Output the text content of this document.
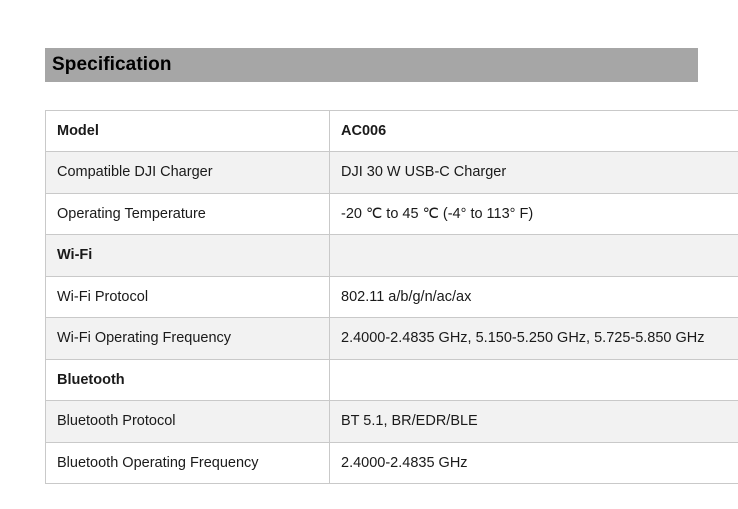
Specification
Model	AC006
Compatible DJI Charger	DJI 30 W USB-C Charger
Operating Temperature	-20 ℃ to 45 ℃ (-4° to 113° F)
Wi-Fi	
Wi-Fi Protocol	802.11 a/b/g/n/ac/ax
Wi-Fi Operating Frequency	2.4000-2.4835 GHz, 5.150-5.250 GHz, 5.725-5.850 GHz
Bluetooth	
Bluetooth Protocol	BT 5.1, BR/EDR/BLE
Bluetooth Operating Frequency	2.4000-2.4835 GHz
